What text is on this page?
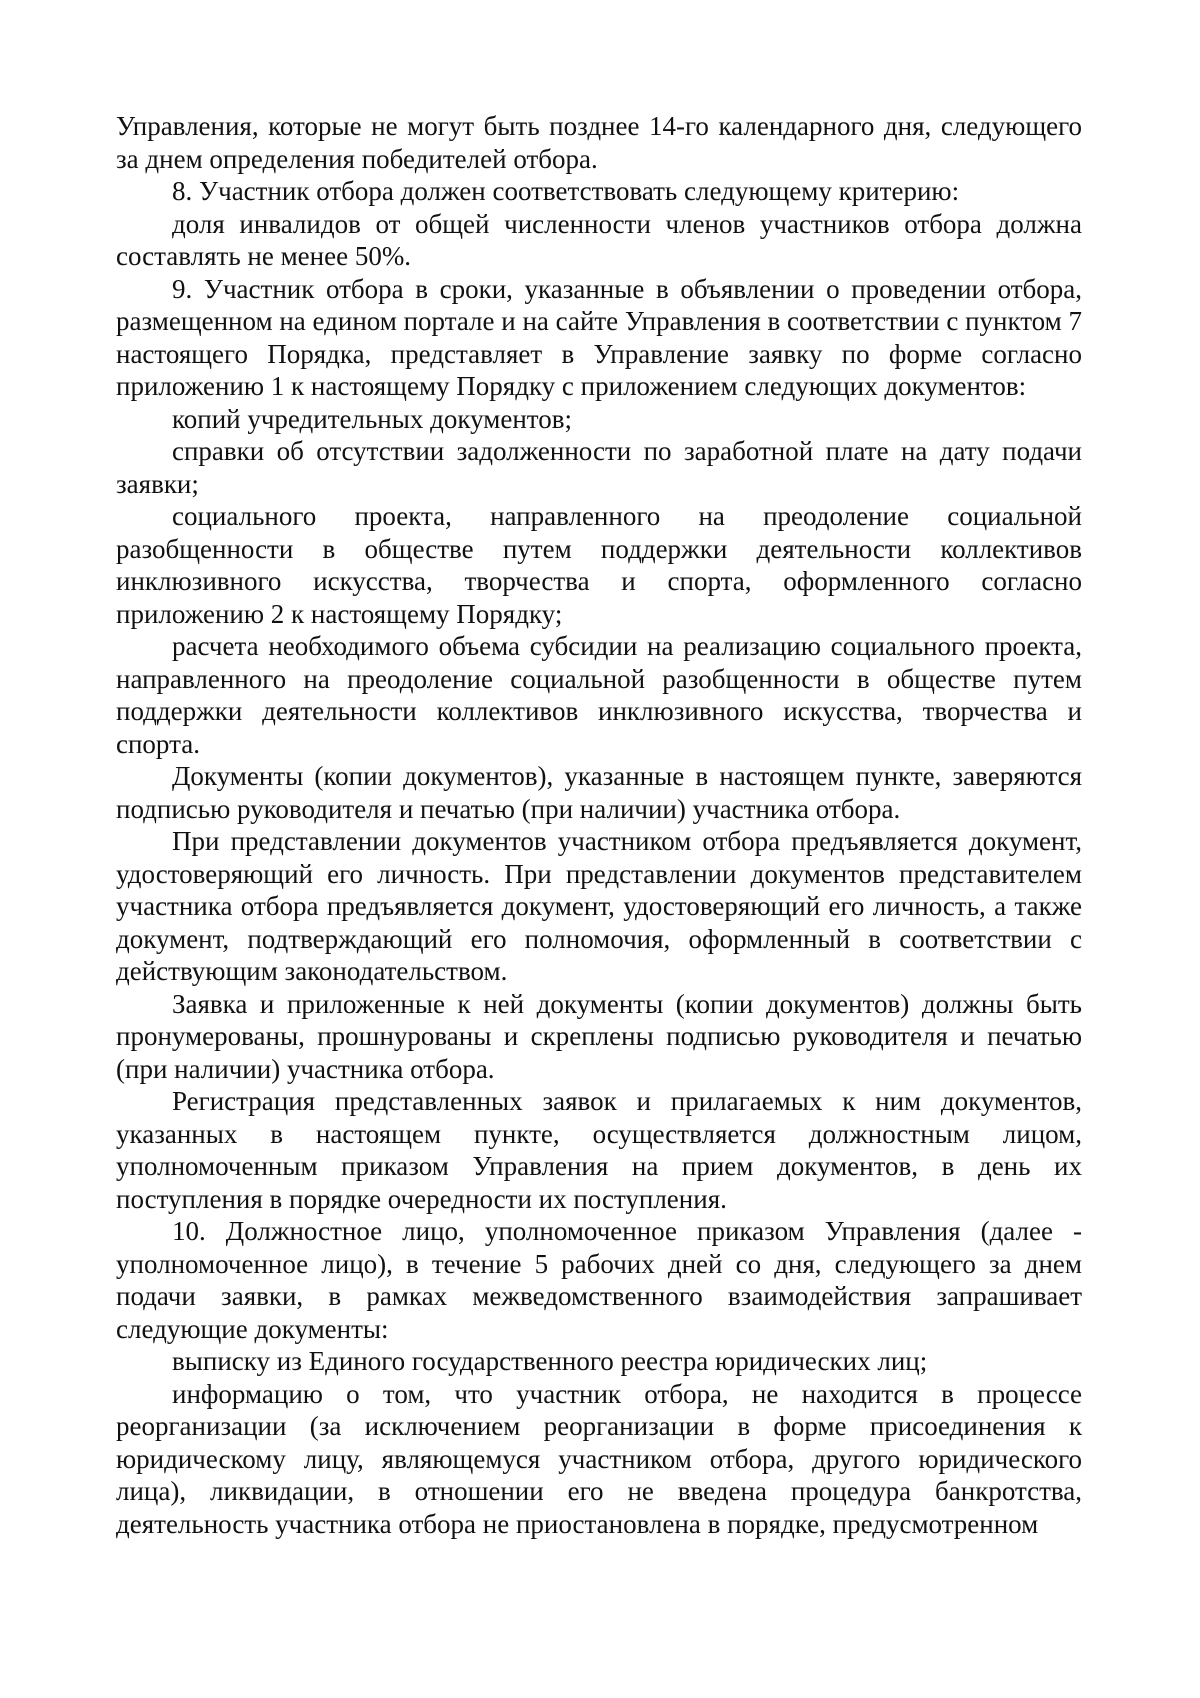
Управления, которые не могут быть позднее 14-го календарного дня, следующего за днем определения победителей отбора.

8. Участник отбора должен соответствовать следующему критерию:

доля инвалидов от общей численности членов участников отбора должна составлять не менее 50%.

9. Участник отбора в сроки, указанные в объявлении о проведении отбора, размещенном на едином портале и на сайте Управления в соответствии с пунктом 7 настоящего Порядка, представляет в Управление заявку по форме согласно приложению 1 к настоящему Порядку с приложением следующих документов:

копий учредительных документов;

справки об отсутствии задолженности по заработной плате на дату подачи заявки;

социального проекта, направленного на преодоление социальной разобщенности в обществе путем поддержки деятельности коллективов инклюзивного искусства, творчества и спорта, оформленного согласно приложению 2 к настоящему Порядку;

расчета необходимого объема субсидии на реализацию социального проекта, направленного на преодоление социальной разобщенности в обществе путем поддержки деятельности коллективов инклюзивного искусства, творчества и спорта.

Документы (копии документов), указанные в настоящем пункте, заверяются подписью руководителя и печатью (при наличии) участника отбора.

При представлении документов участником отбора предъявляется документ, удостоверяющий его личность. При представлении документов представителем участника отбора предъявляется документ, удостоверяющий его личность, а также документ, подтверждающий его полномочия, оформленный в соответствии с действующим законодательством.

Заявка и приложенные к ней документы (копии документов) должны быть пронумерованы, прошнурованы и скреплены подписью руководителя и печатью (при наличии) участника отбора.

Регистрация представленных заявок и прилагаемых к ним документов, указанных в настоящем пункте, осуществляется должностным лицом, уполномоченным приказом Управления на прием документов, в день их поступления в порядке очередности их поступления.

10. Должностное лицо, уполномоченное приказом Управления (далее - уполномоченное лицо), в течение 5 рабочих дней со дня, следующего за днем подачи заявки, в рамках межведомственного взаимодействия запрашивает следующие документы:

выписку из Единого государственного реестра юридических лиц;

информацию о том, что участник отбора, не находится в процессе реорганизации (за исключением реорганизации в форме присоединения к юридическому лицу, являющемуся участником отбора, другого юридического лица), ликвидации, в отношении его не введена процедура банкротства, деятельность участника отбора не приостановлена в порядке, предусмотренном
